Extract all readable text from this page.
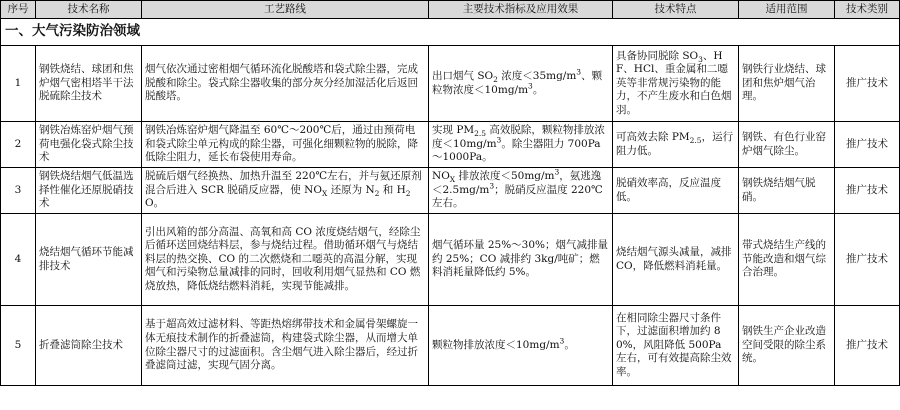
序号	技术名称	工艺路线	主要技术指标及应用效果	技术特点	适用范围	技术类别
一、大气污染防治领域						
1	钢铁烧结、球团和焦炉烟气密相塔半干法脱硫除尘技术	烟气依次通过密相烟气循环流化脱酸塔和袋式除尘器，完成脱酸和除尘。袋式除尘器收集的部分灰分经加湿活化后返回脱酸塔。	出口烟气 $SO_2$ 浓度$<35mg/m^3$、颗粒物浓度$<10mg/m^3$。	具备协同脱除 $SO_3$、HF、HCl、重金属和二噁英等非常规污染物的能力，不产生废水和白色烟羽。	钢铁行业烧结、球团和焦炉烟气治理。	推广技术
2	钢铁冶炼窑炉烟气预荷电强化袋式除尘技术	钢铁冶炼窑炉烟气降温至 60℃～200℃后，通过由预荷电和袋式除尘单元构成的除尘器，可强化细颗粒物的脱除，降低除尘阻力，延长布袋使用寿命。	实现 $PM_{2.5}$ 高效脱除，颗粒物排放浓度$<10mg/m^3$。除尘器阻力 700Pa～1000Pa。	可高效去除 $PM_{2.5}$，运行阻力低。	钢铁、有色行业窑炉烟气除尘。	推广技术
3	钢铁烧结烟气低温选择性催化还原脱硝技术	脱硫后烟气经换热、加热升温至 220℃左右，并与氨还原剂混合后进入 SCR 脱硝反应器，使 $NO_X$ 还原为 $N_2$ 和 $H_2O$。	$NO_X$ 排放浓度$<50mg/m^3$，氨逃逸$<2.5mg/m^3$；脱硝反应温度 220℃左右。	脱硝效率高，反应温度低。	钢铁烧结烟气脱硝。	推广技术
4	烧结烟气循环节能减排技术	引出风箱的部分高温、高氧和高 CO 浓度烧结烟气，经除尘后循环送回烧结料层，参与烧结过程。借助循环烟气与烧结料层的热交换、CO 的二次燃烧和二噁英的高温分解，实现烟气和污染物总量减排的同时，回收利用烟气显热和 CO 燃烧放热，降低烧结燃料消耗，实现节能减排。	烟气循环量 25%～30%；烟气减排量约 25%；CO 减排约 3kg/吨矿；燃料消耗量降低约 5%。	烧结烟气源头减量，减排 CO，降低燃料消耗量。	带式烧结生产线的节能改造和烟气综合治理。	推广技术
5	折叠滤筒除尘技术	基于超高效过滤材料、等距热熔绑带技术和金属骨架螺旋一体无痕技术制作的折叠滤筒，构建袋式除尘器，从而增大单位除尘器尺寸的过滤面积。含尘烟气进入除尘器后，经过折叠滤筒过滤，实现气固分离。	颗粒物排放浓度$<10mg/m^3$。	在相同除尘器尺寸条件下，过滤面积增加约 80%，风阻降低 500Pa 左右，可有效提高除尘效率。	钢铁生产企业改造空间受限的除尘系统。	推广技术
